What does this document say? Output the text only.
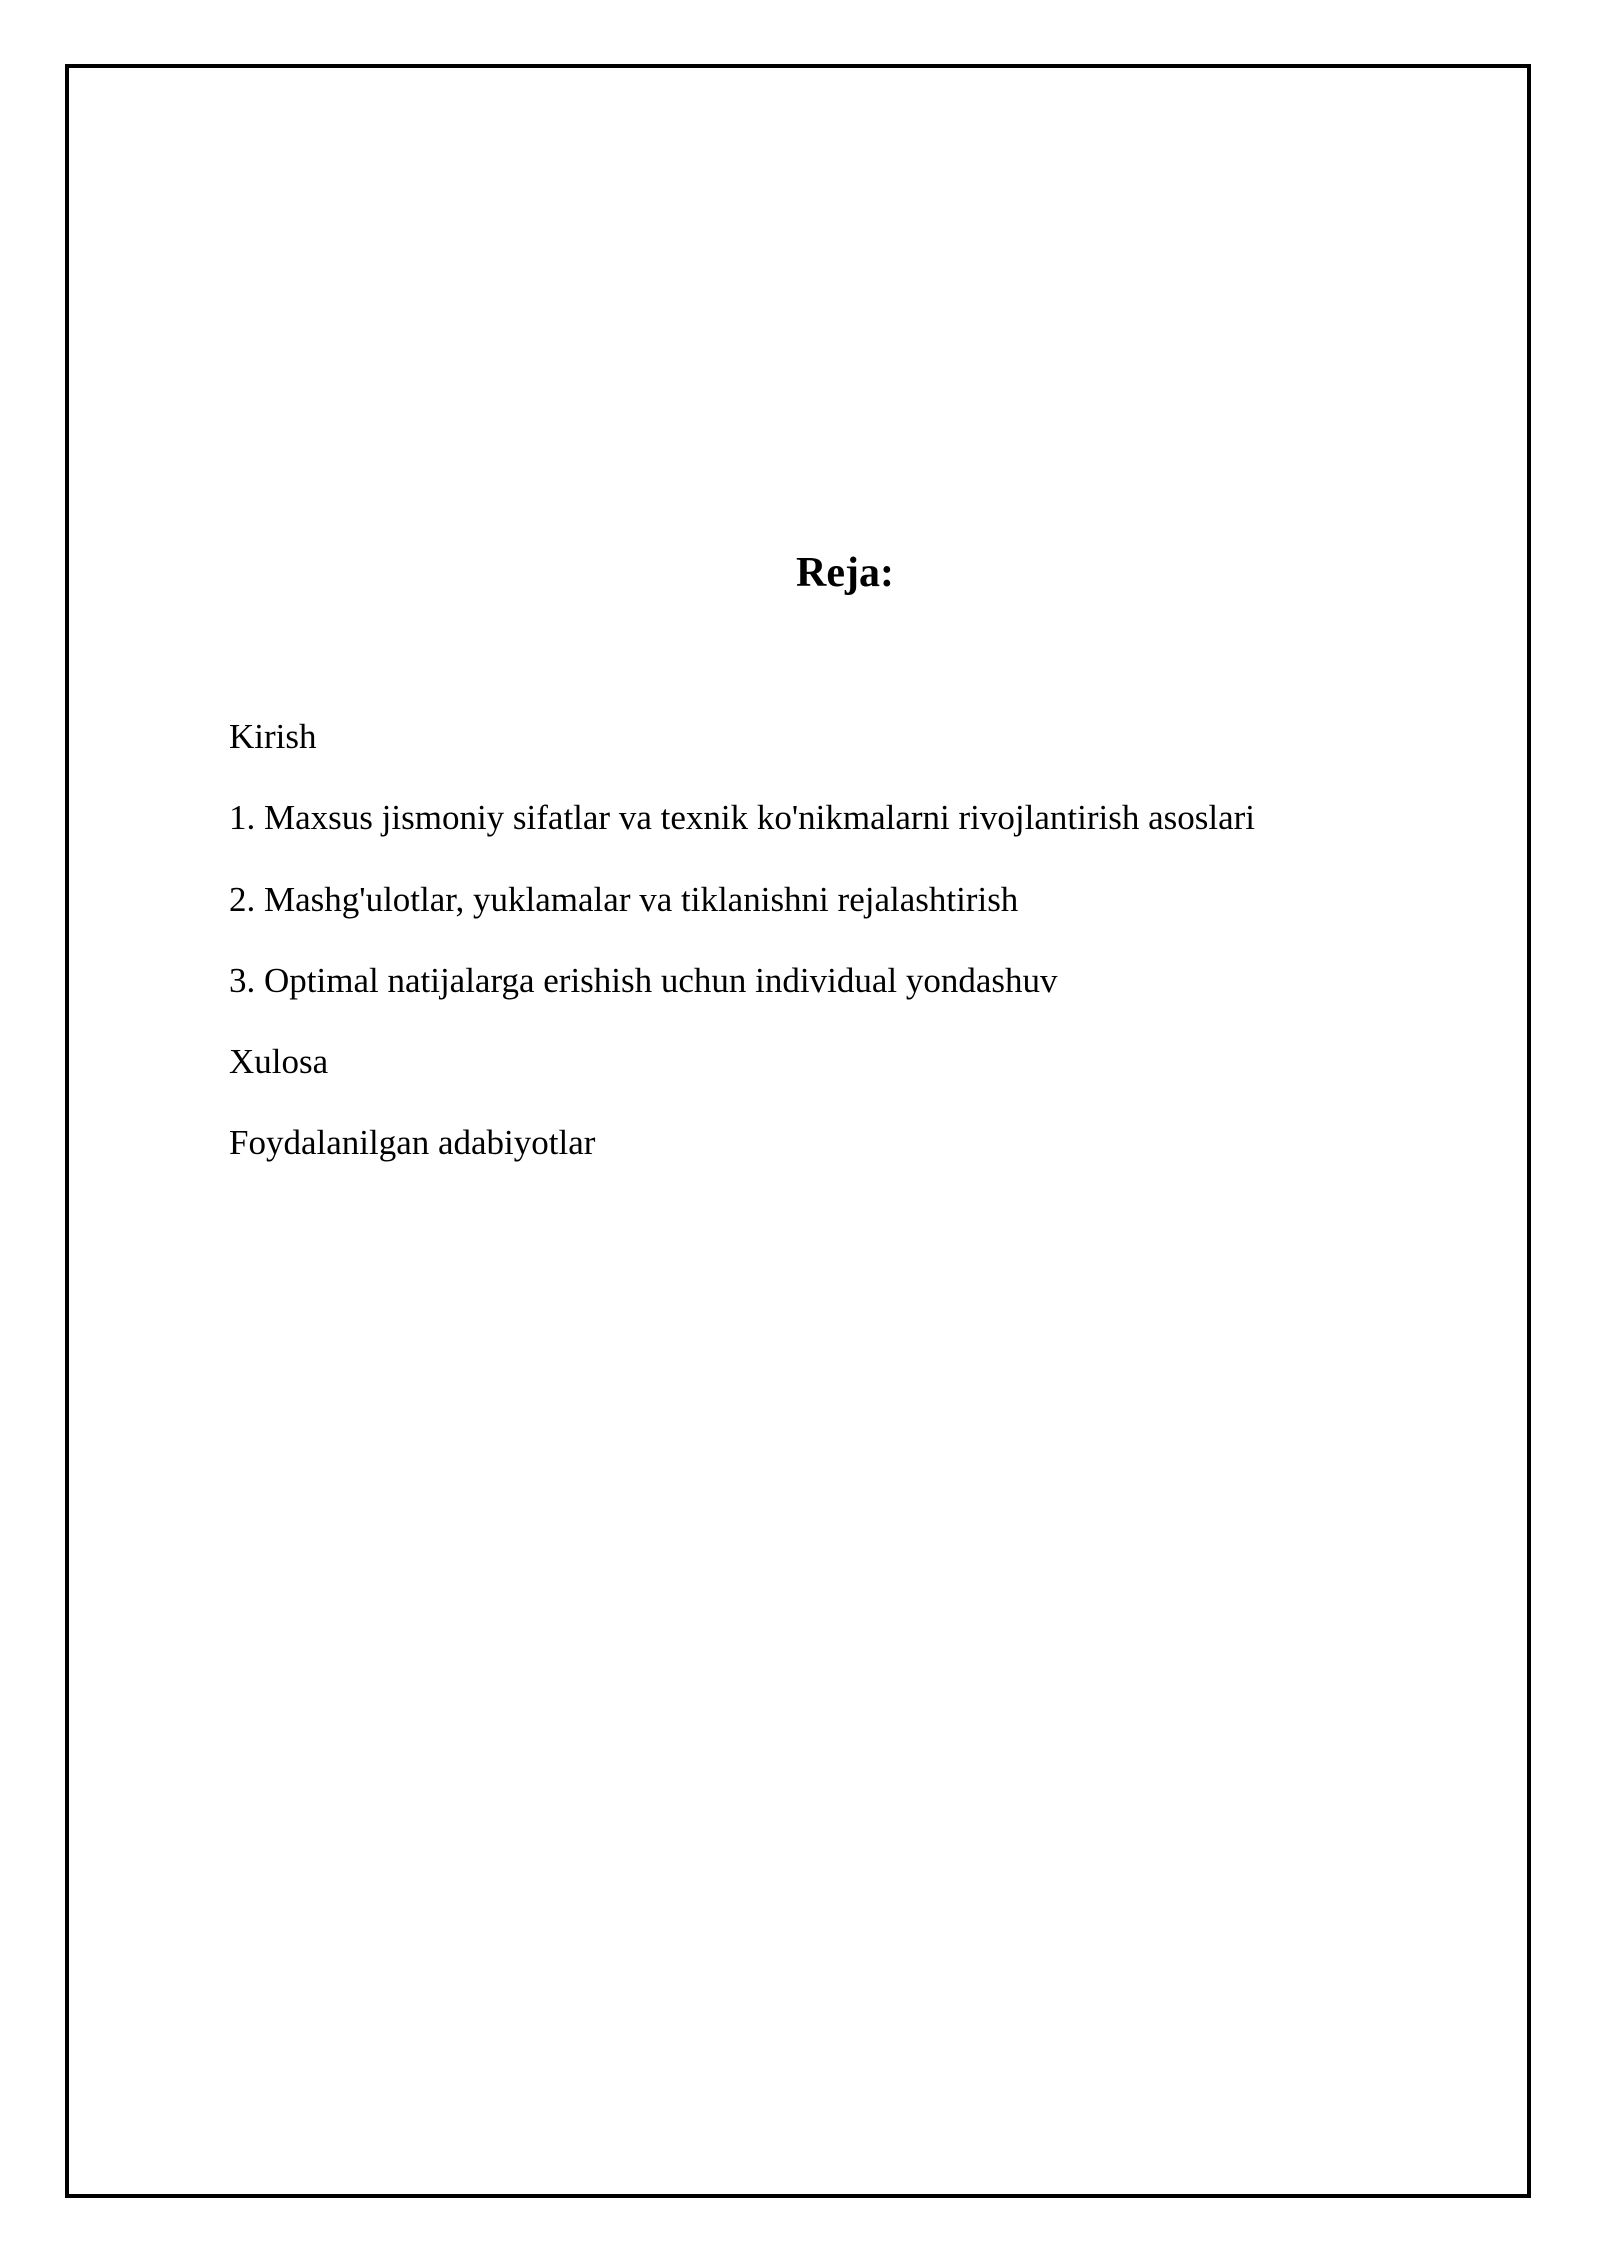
Reja:
Kirish
1. Maxsus jismoniy sifatlar va texnik ko'nikmalarni rivojlantirish asoslari
2. Mashg'ulotlar, yuklamalar va tiklanishni rejalashtirish
3. Optimal natijalarga erishish uchun individual yondashuv
Xulosa
Foydalanilgan adabiyotlar
